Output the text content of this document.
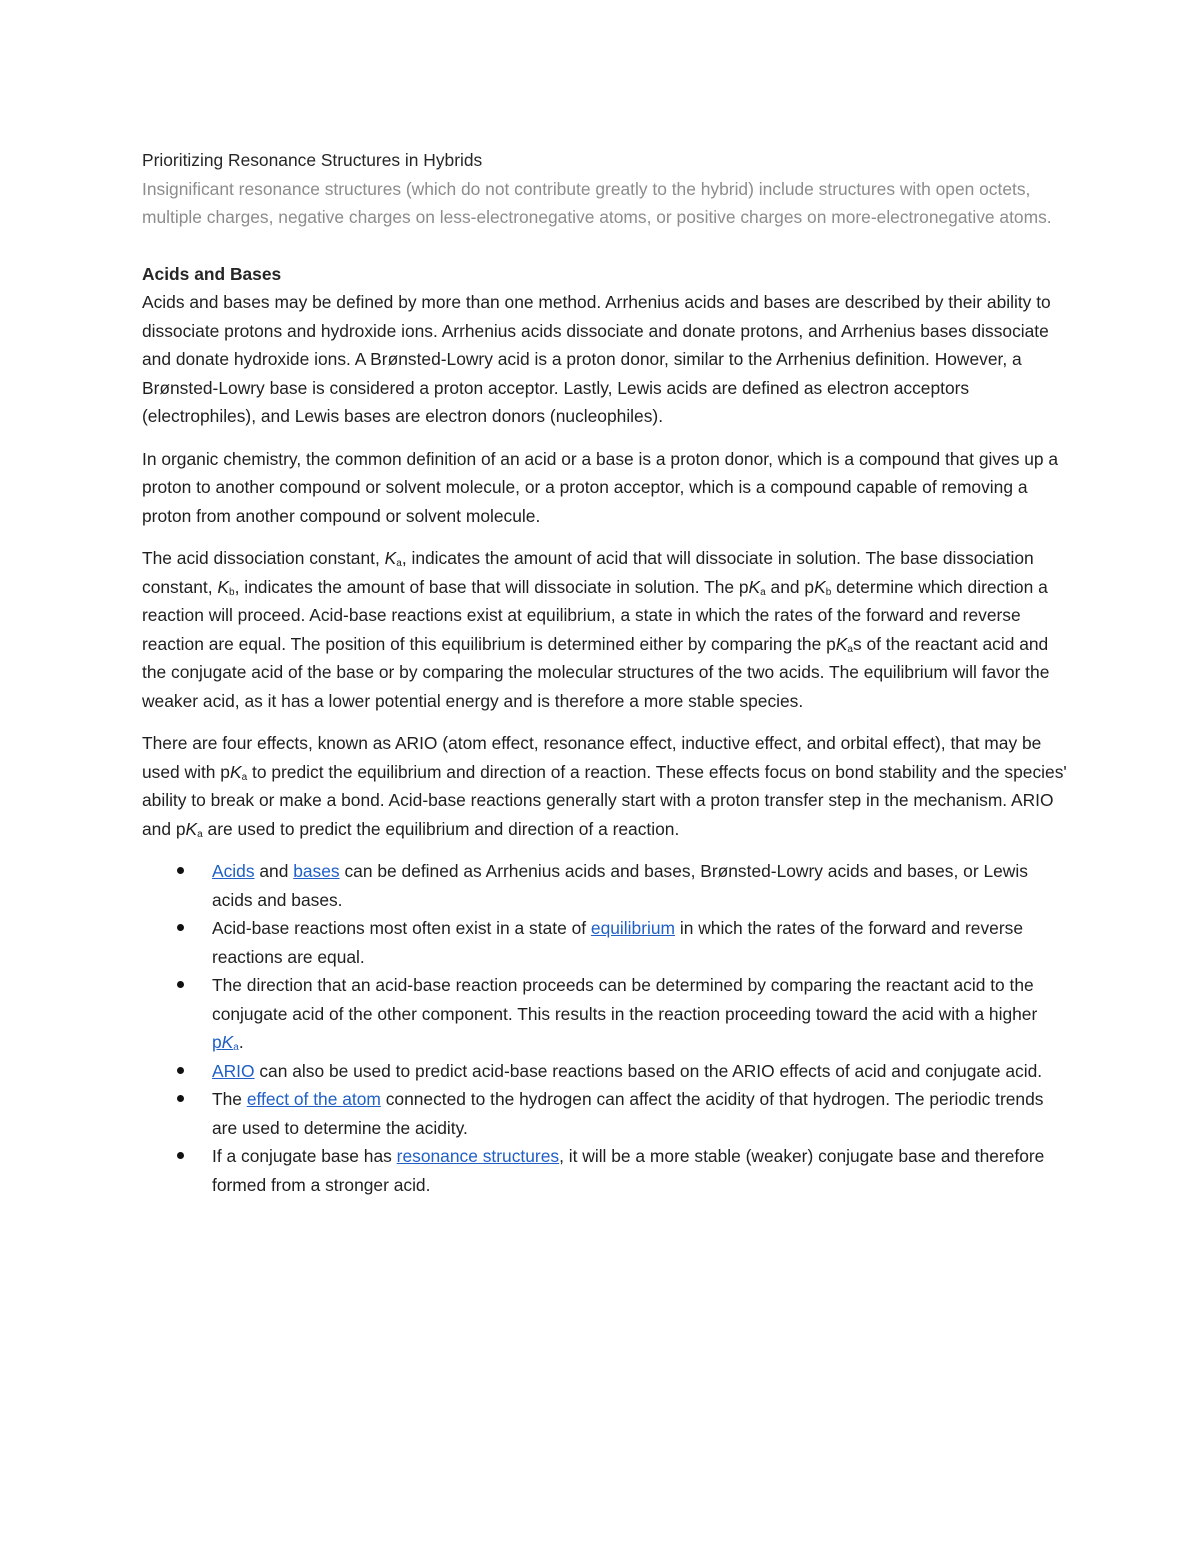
Prioritizing Resonance Structures in Hybrids

Insignificant resonance structures (which do not contribute greatly to the hybrid) include structures with open octets, multiple charges, negative charges on less-electronegative atoms, or positive charges on more-electronegative atoms.

Acids and Bases

Acids and bases may be defined by more than one method. Arrhenius acids and bases are described by their ability to dissociate protons and hydroxide ions. Arrhenius acids dissociate and donate protons, and Arrhenius bases dissociate and donate hydroxide ions. A Brønsted-Lowry acid is a proton donor, similar to the Arrhenius definition. However, a Brønsted-Lowry base is considered a proton acceptor. Lastly, Lewis acids are defined as electron acceptors (electrophiles), and Lewis bases are electron donors (nucleophiles).

In organic chemistry, the common definition of an acid or a base is a proton donor, which is a compound that gives up a proton to another compound or solvent molecule, or a proton acceptor, which is a compound capable of removing a proton from another compound or solvent molecule.

The acid dissociation constant, $K_a$, indicates the amount of acid that will dissociate in solution. The base dissociation constant, $K_b$, indicates the amount of base that will dissociate in solution. The $pK_a$ and $pK_b$ determine which direction a reaction will proceed. Acid-base reactions exist at equilibrium, a state in which the rates of the forward and reverse reaction are equal. The position of this equilibrium is determined either by comparing the $pK_as$ of the reactant acid and the conjugate acid of the base or by comparing the molecular structures of the two acids. The equilibrium will favor the weaker acid, as it has a lower potential energy and is therefore a more stable species.

There are four effects, known as ARIO (atom effect, resonance effect, inductive effect, and orbital effect), that may be used with $pK_a$ to predict the equilibrium and direction of a reaction. These effects focus on bond stability and the species' ability to break or make a bond. Acid-base reactions generally start with a proton transfer step in the mechanism. ARIO and $pK_a$ are used to predict the equilibrium and direction of a reaction.

Acids and bases can be defined as Arrhenius acids and bases, Brønsted-Lowry acids and bases, or Lewis acids and bases.
Acid-base reactions most often exist in a state of equilibrium in which the rates of the forward and reverse reactions are equal.
The direction that an acid-base reaction proceeds can be determined by comparing the reactant acid to the conjugate acid of the other component. This results in the reaction proceeding toward the acid with a higher $pK_a$.
ARIO can also be used to predict acid-base reactions based on the ARIO effects of acid and conjugate acid.
The effect of the atom connected to the hydrogen can affect the acidity of that hydrogen. The periodic trends are used to determine the acidity.
If a conjugate base has resonance structures, it will be a more stable (weaker) conjugate base and therefore formed from a stronger acid.
